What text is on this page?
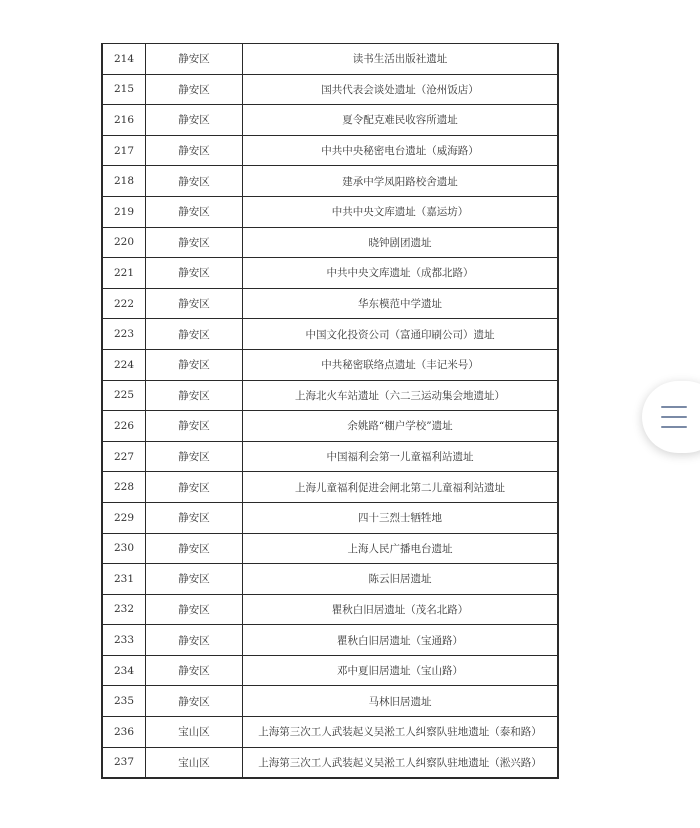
214	静安区	读书生活出版社遗址
215	静安区	国共代表会谈处遗址（沧州饭店）
216	静安区	夏令配克难民收容所遗址
217	静安区	中共中央秘密电台遗址（威海路）
218	静安区	建承中学凤阳路校舍遗址
219	静安区	中共中央文库遗址（嘉运坊）
220	静安区	晓钟剧团遗址
221	静安区	中共中央文库遗址（成都北路）
222	静安区	华东模范中学遗址
223	静安区	中国文化投资公司（富通印刷公司）遗址
224	静安区	中共秘密联络点遗址（丰记米号）
225	静安区	上海北火车站遗址（六二三运动集会地遗址）
226	静安区	余姚路“棚户学校”遗址
227	静安区	中国福利会第一儿童福利站遗址
228	静安区	上海儿童福利促进会闸北第二儿童福利站遗址
229	静安区	四十三烈士牺牲地
230	静安区	上海人民广播电台遗址
231	静安区	陈云旧居遗址
232	静安区	瞿秋白旧居遗址（茂名北路）
233	静安区	瞿秋白旧居遗址（宝通路）
234	静安区	邓中夏旧居遗址（宝山路）
235	静安区	马林旧居遗址
236	宝山区	上海第三次工人武装起义吴淞工人纠察队驻地遗址（泰和路）
237	宝山区	上海第三次工人武装起义吴淞工人纠察队驻地遗址（淞兴路）
